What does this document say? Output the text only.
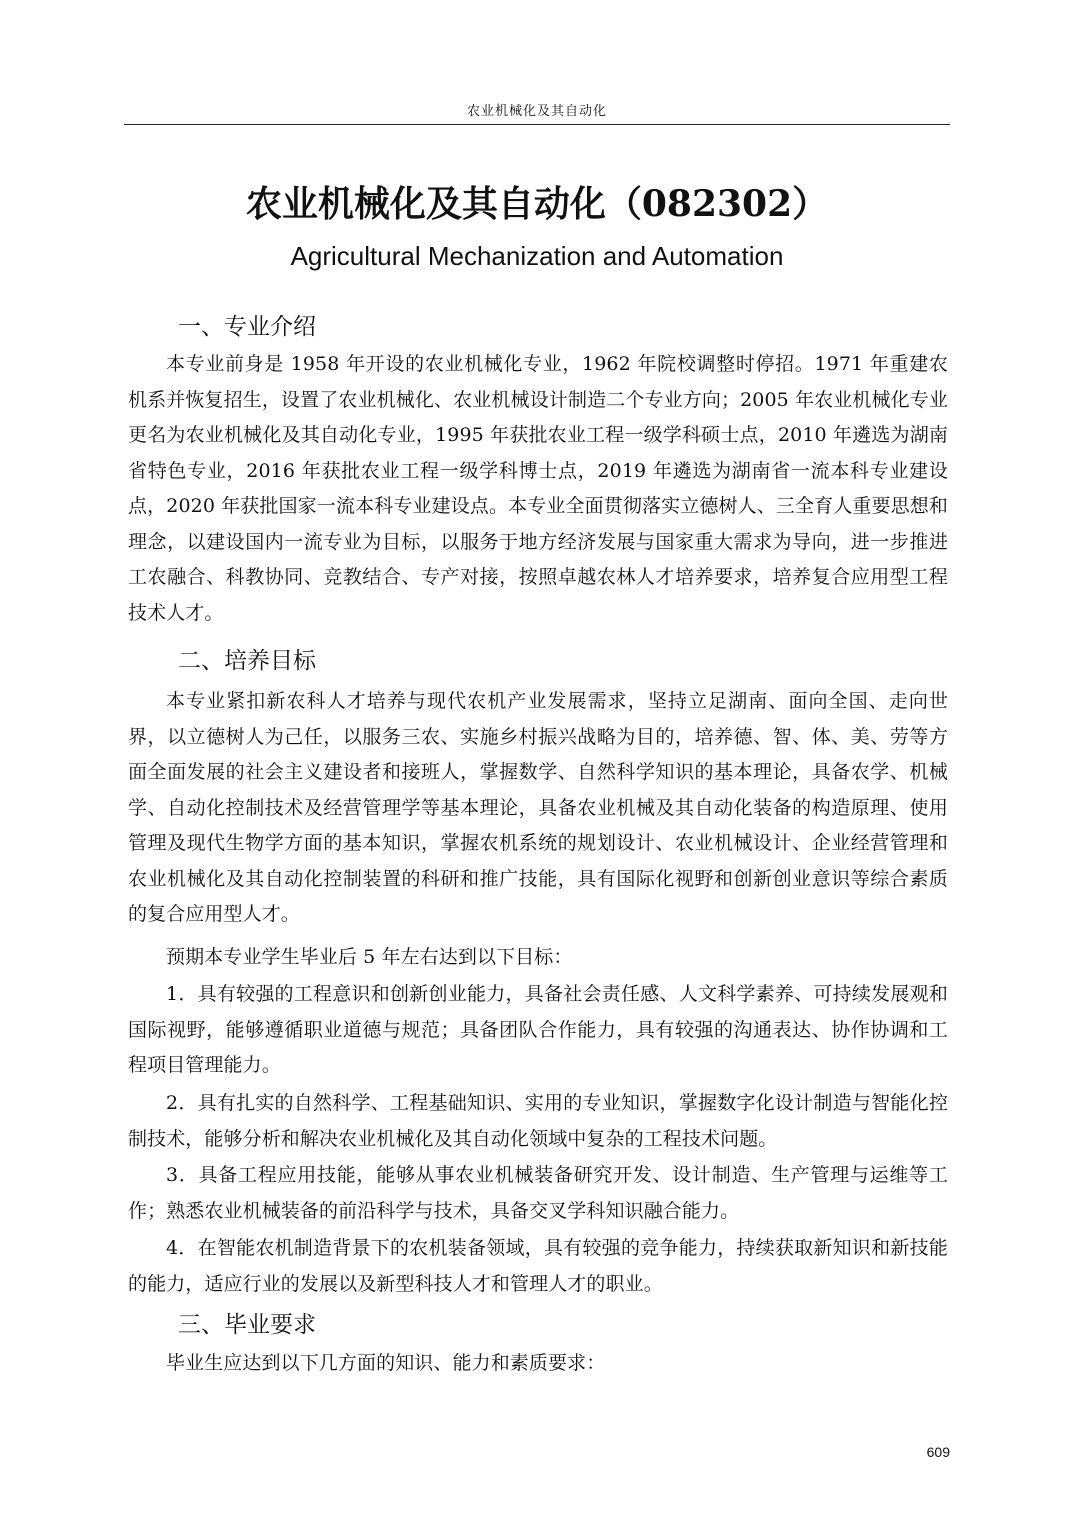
农业机械化及其自动化
农业机械化及其自动化（082302）
Agricultural Mechanization and Automation
一、专业介绍
本专业前身是 1958 年开设的农业机械化专业，1962 年院校调整时停招。1971 年重建农机系并恢复招生，设置了农业机械化、农业机械设计制造二个专业方向；2005 年农业机械化专业更名为农业机械化及其自动化专业，1995 年获批农业工程一级学科硕士点，2010 年遴选为湖南省特色专业，2016 年获批农业工程一级学科博士点，2019 年遴选为湖南省一流本科专业建设点，2020 年获批国家一流本科专业建设点。本专业全面贯彻落实立德树人、三全育人重要思想和理念，以建设国内一流专业为目标，以服务于地方经济发展与国家重大需求为导向，进一步推进工农融合、科教协同、竞教结合、专产对接，按照卓越农林人才培养要求，培养复合应用型工程技术人才。
二、培养目标
本专业紧扣新农科人才培养与现代农机产业发展需求，坚持立足湖南、面向全国、走向世界，以立德树人为己任，以服务三农、实施乡村振兴战略为目的，培养德、智、体、美、劳等方面全面发展的社会主义建设者和接班人，掌握数学、自然科学知识的基本理论，具备农学、机械学、自动化控制技术及经营管理学等基本理论，具备农业机械及其自动化装备的构造原理、使用管理及现代生物学方面的基本知识，掌握农机系统的规划设计、农业机械设计、企业经营管理和农业机械化及其自动化控制装置的科研和推广技能，具有国际化视野和创新创业意识等综合素质的复合应用型人才。
预期本专业学生毕业后 5 年左右达到以下目标：
1．具有较强的工程意识和创新创业能力，具备社会责任感、人文科学素养、可持续发展观和国际视野，能够遵循职业道德与规范；具备团队合作能力，具有较强的沟通表达、协作协调和工程项目管理能力。
2．具有扎实的自然科学、工程基础知识、实用的专业知识，掌握数字化设计制造与智能化控制技术，能够分析和解决农业机械化及其自动化领域中复杂的工程技术问题。
3．具备工程应用技能，能够从事农业机械装备研究开发、设计制造、生产管理与运维等工作；熟悉农业机械装备的前沿科学与技术，具备交叉学科知识融合能力。
4．在智能农机制造背景下的农机装备领域，具有较强的竞争能力，持续获取新知识和新技能的能力，适应行业的发展以及新型科技人才和管理人才的职业。
三、毕业要求
毕业生应达到以下几方面的知识、能力和素质要求：
609
